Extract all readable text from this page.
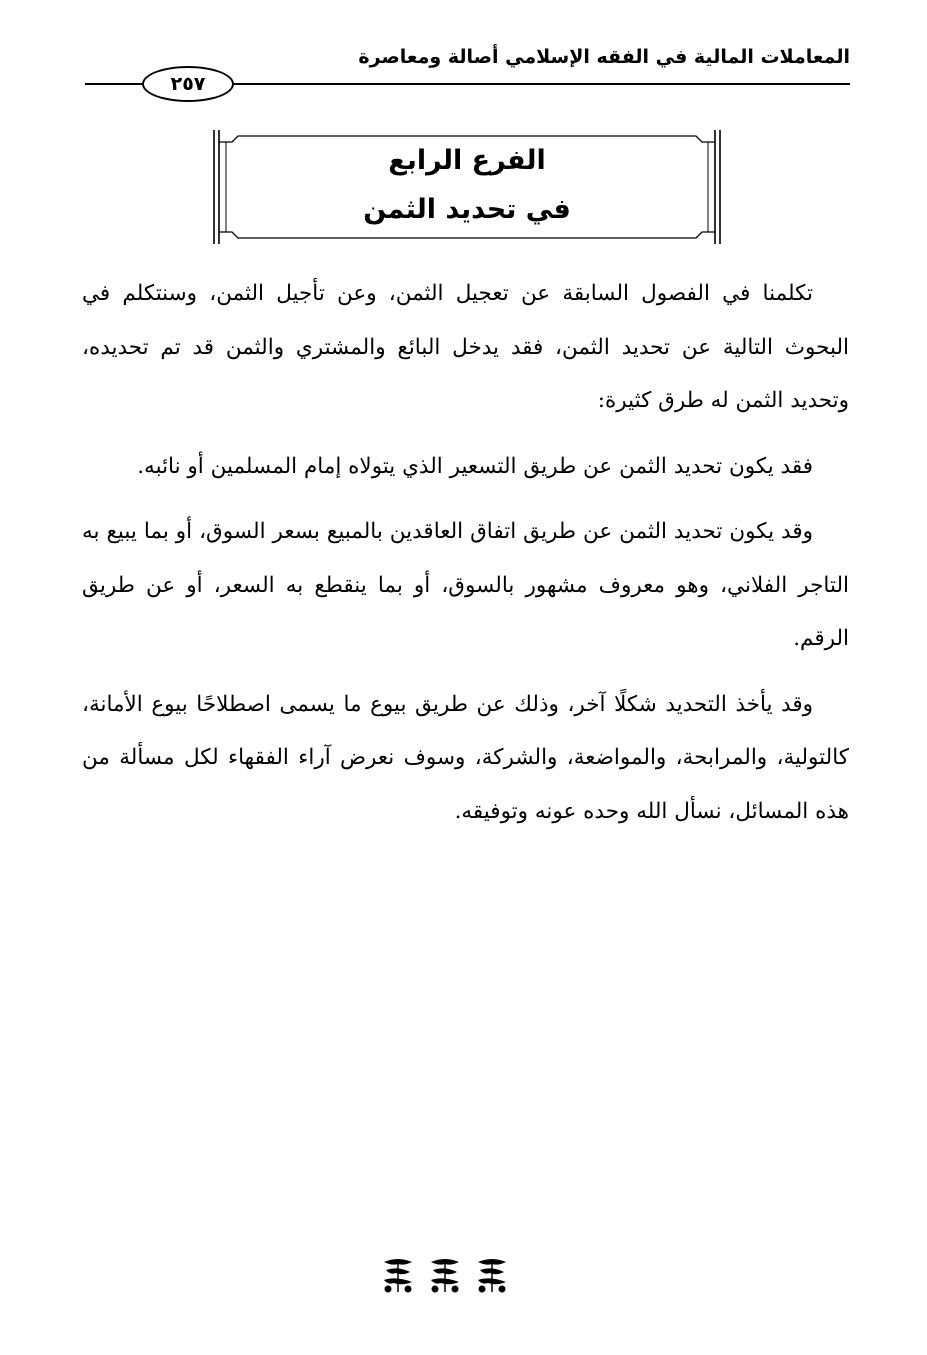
المعاملات المالية في الفقه الإسلامي أصالة ومعاصرة
٢٥٧
الفرع الرابع
في تحديد الثمن

تكلمنا في الفصول السابقة عن تعجيل الثمن، وعن تأجيل الثمن، وسنتكلم في البحوث التالية عن تحديد الثمن، فقد يدخل البائع والمشتري والثمن قد تم تحديده، وتحديد الثمن له طرق كثيرة:

فقد يكون تحديد الثمن عن طريق التسعير الذي يتولاه إمام المسلمين أو نائبه.

وقد يكون تحديد الثمن عن طريق اتفاق العاقدين بالمبيع بسعر السوق، أو بما يبيع به التاجر الفلاني، وهو معروف مشهور بالسوق، أو بما ينقطع به السعر، أو عن طريق الرقم.

وقد يأخذ التحديد شكلًا آخر، وذلك عن طريق بيوع ما يسمى اصطلاحًا بيوع الأمانة، كالتولية، والمرابحة، والمواضعة، والشركة، وسوف نعرض آراء الفقهاء لكل مسألة من هذه المسائل، نسأل الله وحده عونه وتوفيقه.
